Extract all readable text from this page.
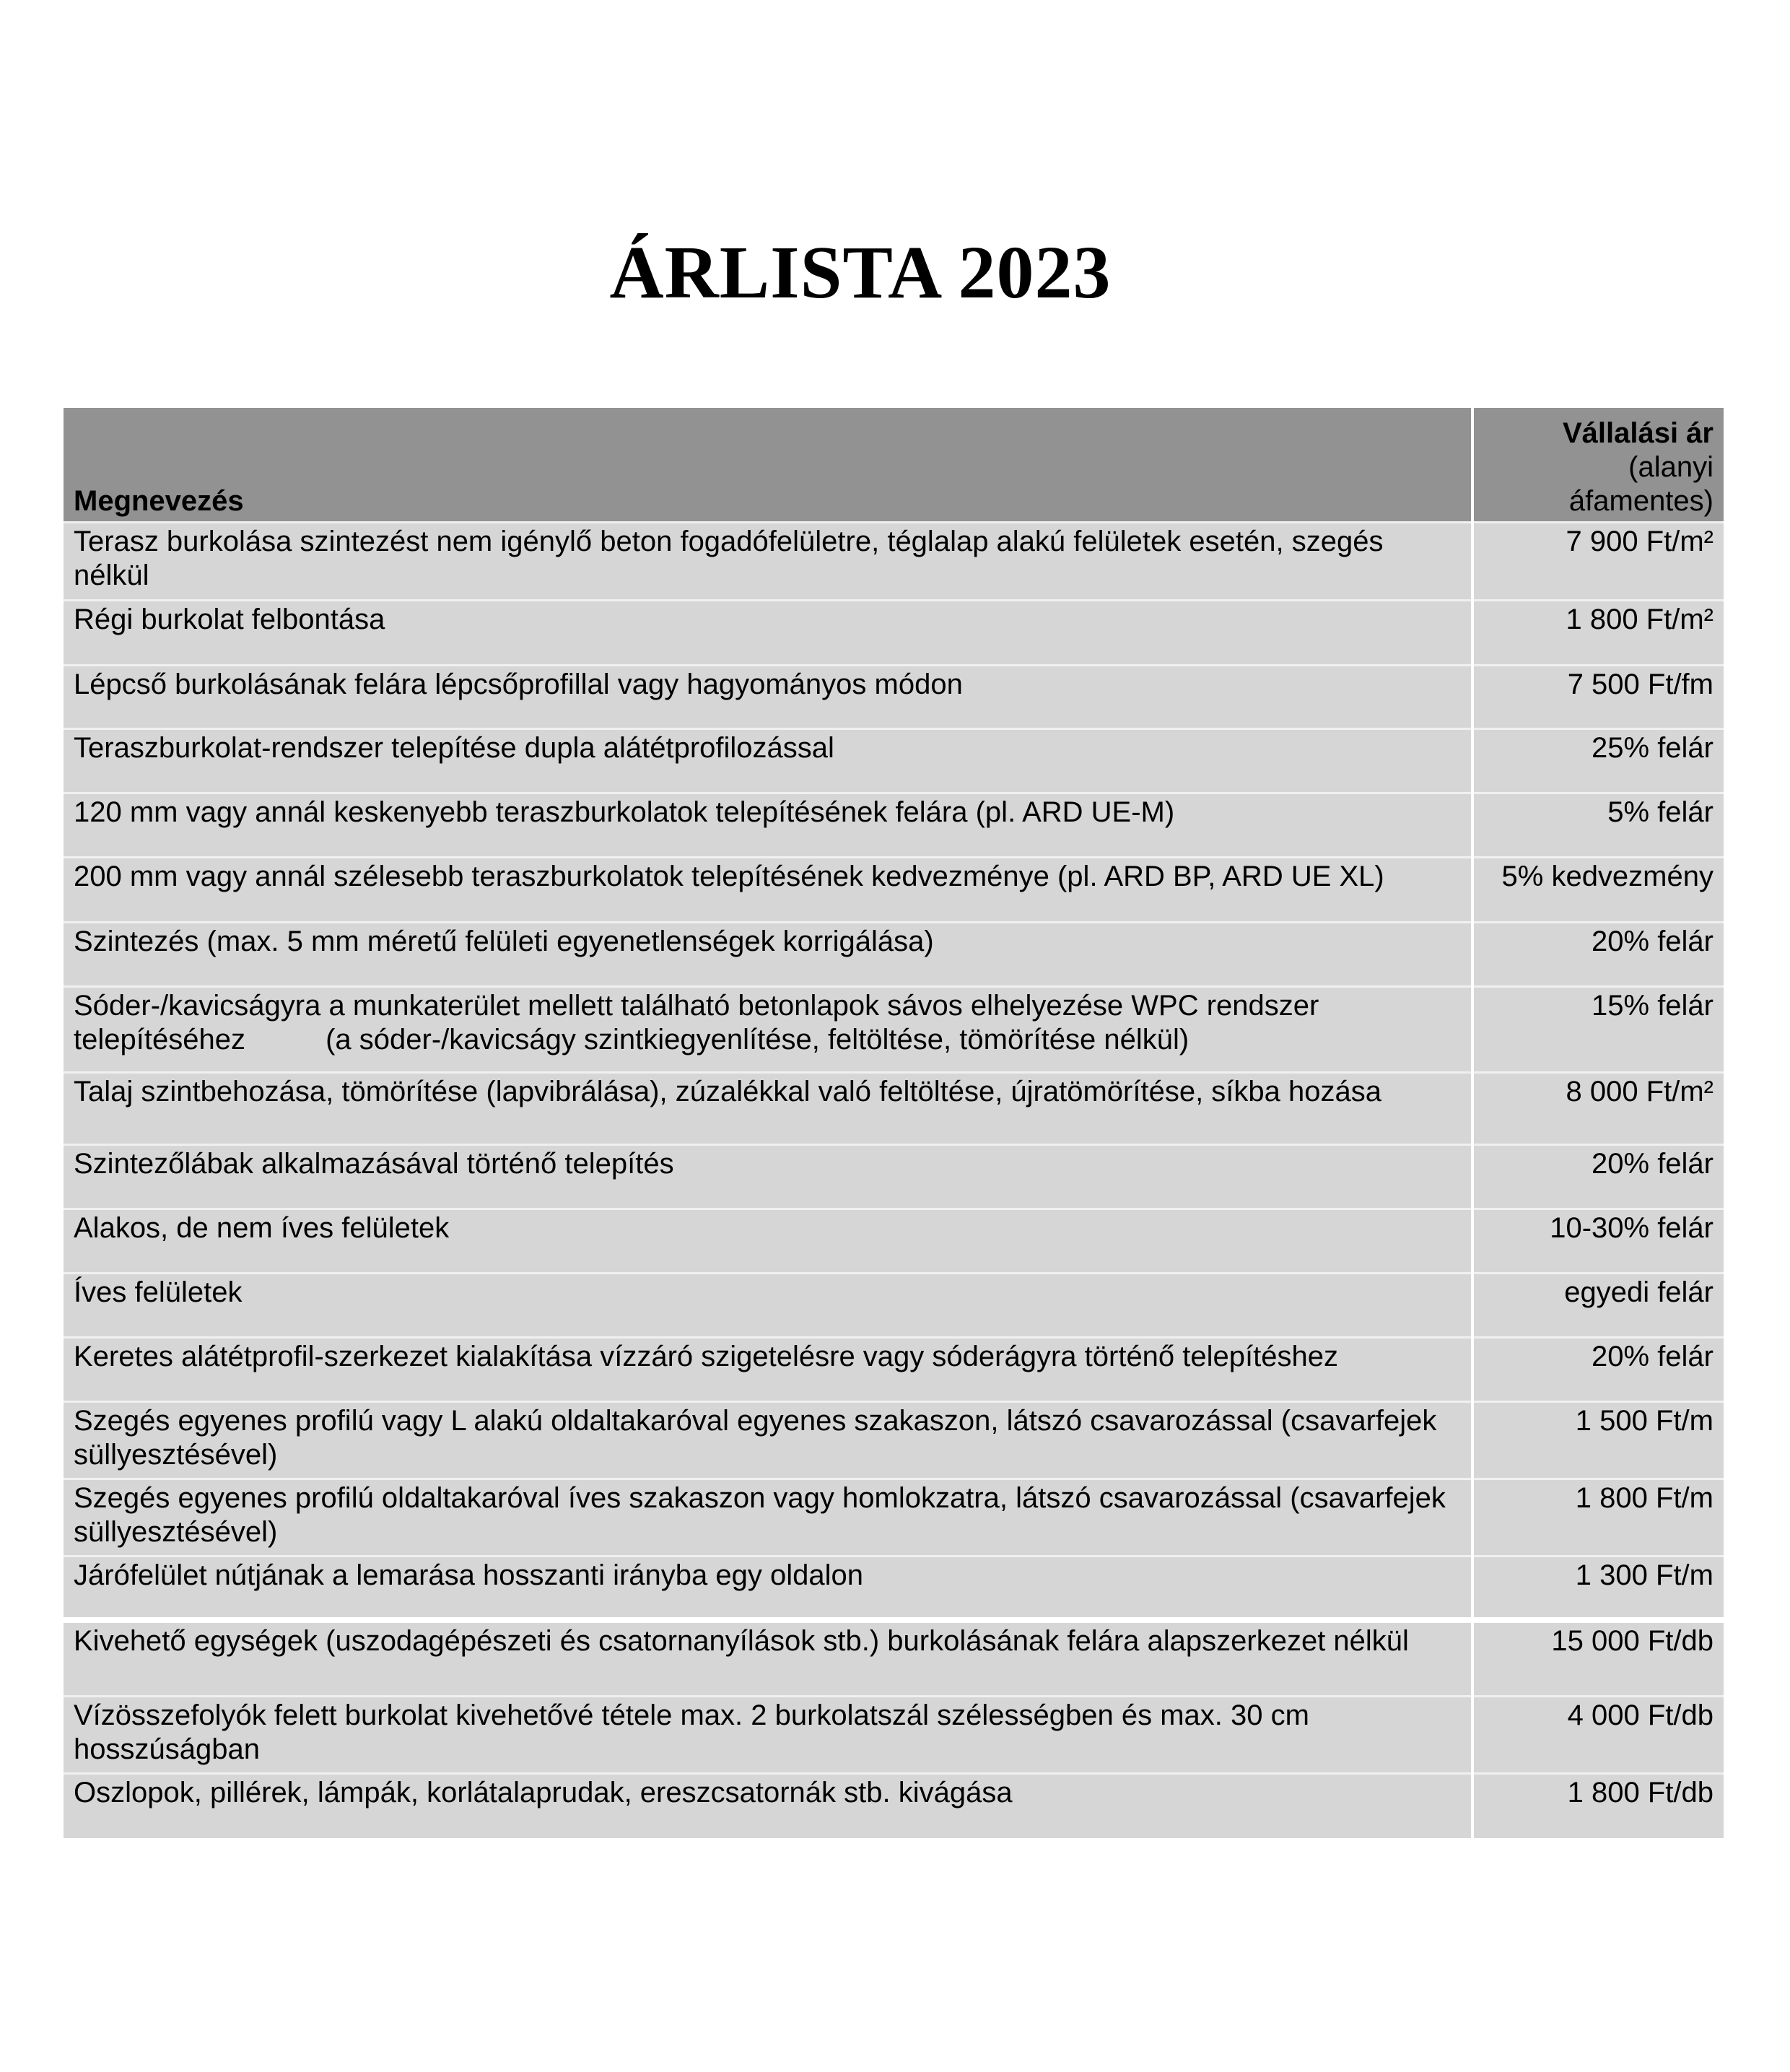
ÁRLISTA 2023
Megnevezés	Vállalási ár
(alanyi áfamentes)

Terasz burkolása szintezést nem igénylő beton fogadófelületre, téglalap alakú felületek esetén, szegés nélkül	7 900 Ft/m²
Régi burkolat felbontása	1 800 Ft/m²
Lépcső burkolásának felára lépcsőprofillal vagy hagyományos módon	7 500 Ft/fm
Teraszburkolat-rendszer telepítése dupla alátétprofilozással	25% felár
120 mm vagy annál keskenyebb teraszburkolatok telepítésének felára (pl. ARD UE-M)	5% felár
200 mm vagy annál szélesebb teraszburkolatok telepítésének kedvezménye (pl. ARD BP, ARD UE XL)	5% kedvezmény
Szintezés (max. 5 mm méretű felületi egyenetlenségek korrigálása)	20% felár
Sóder-/kavicságyra a munkaterület mellett található betonlapok sávos elhelyezése WPC rendszer telepítéséhez          (a sóder-/kavicságy szintkiegyenlítése, feltöltése, tömörítése nélkül)	15% felár
Talaj szintbehozása, tömörítése (lapvibrálása), zúzalékkal való feltöltése, újratömörítése, síkba hozása	8 000 Ft/m²
Szintezőlábak alkalmazásával történő telepítés	20% felár
Alakos, de nem íves felületek	10-30% felár
Íves felületek	egyedi felár
Keretes alátétprofil-szerkezet kialakítása vízzáró szigetelésre vagy sóderágyra történő telepítéshez	20% felár
Szegés egyenes profilú vagy L alakú oldaltakaróval egyenes szakaszon, látszó csavarozással (csavarfejek süllyesztésével)	1 500 Ft/m
Szegés egyenes profilú oldaltakaróval íves szakaszon vagy homlokzatra, látszó csavarozással (csavarfejek süllyesztésével)	1 800 Ft/m
Járófelület nútjának a lemarása hosszanti irányba egy oldalon	1 300 Ft/m
Kivehető egységek (uszodagépészeti és csatornanyílások stb.) burkolásának felára alapszerkezet nélkül	15 000 Ft/db
Vízösszefolyók felett burkolat kivehetővé tétele max. 2 burkolatszál szélességben és max. 30 cm hosszúságban	4 000 Ft/db
Oszlopok, pillérek, lámpák, korlátalaprudak, ereszcsatornák stb. kivágása	1 800 Ft/db
